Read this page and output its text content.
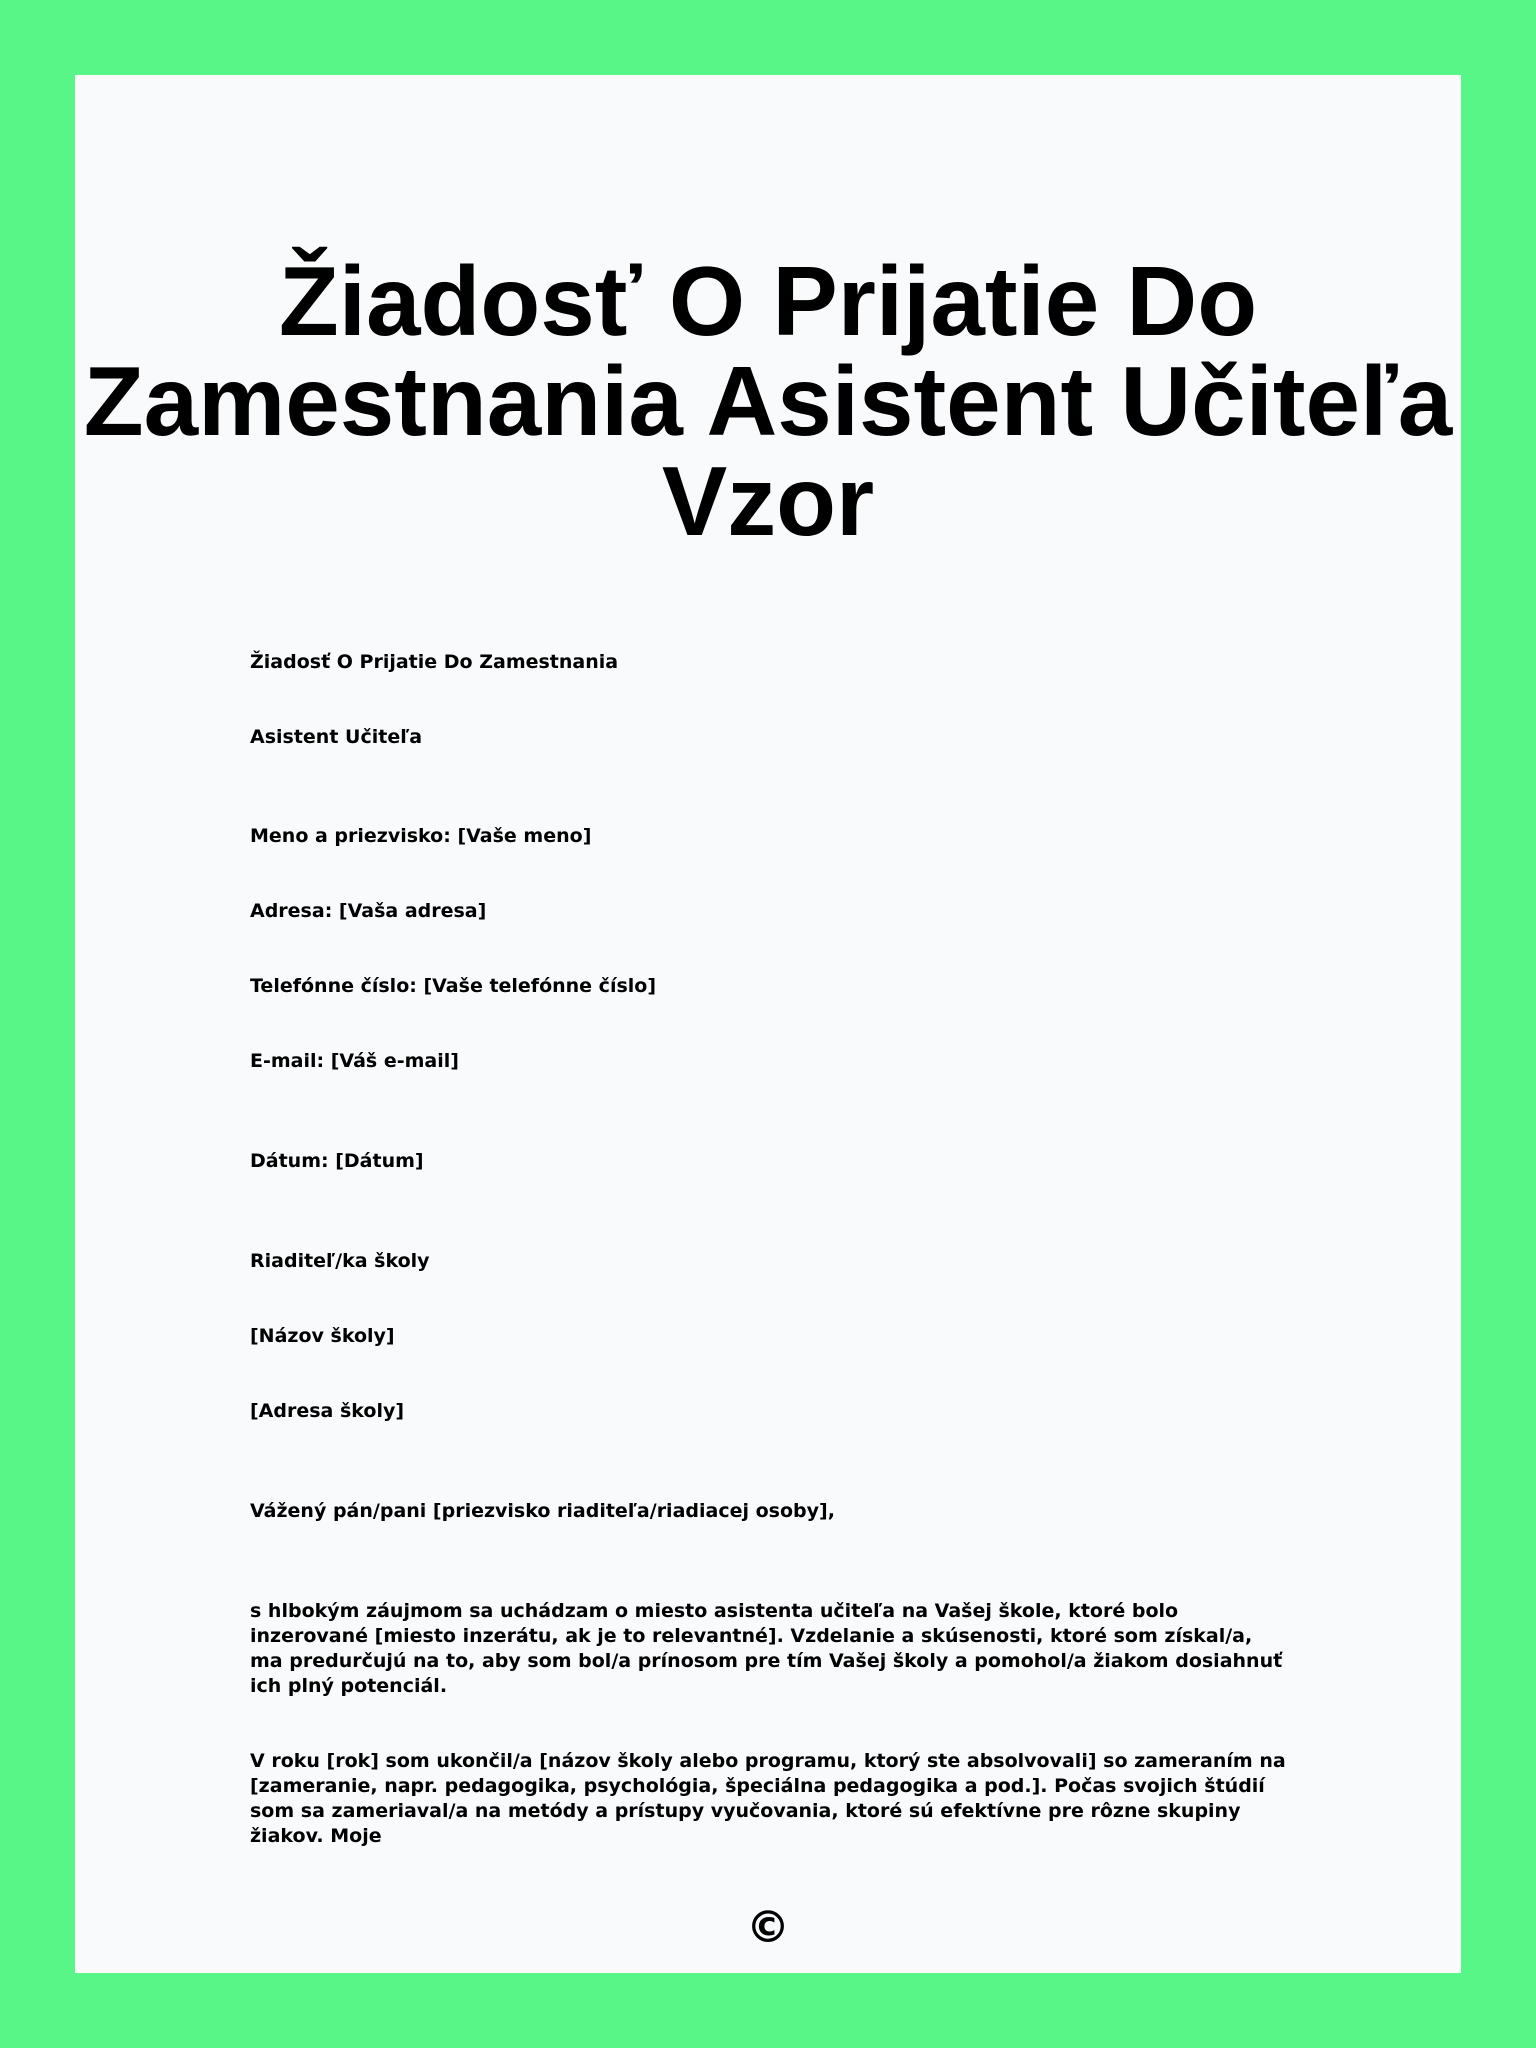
Žiadosť O Prijatie Do
Zamestnania Asistent Učiteľa
Vzor

Žiadosť O Prijatie Do Zamestnania

Asistent Učiteľa

Meno a priezvisko: [Vaše meno]

Adresa: [Vaša adresa]

Telefónne číslo: [Vaše telefónne číslo]

E-mail: [Váš e-mail]

Dátum: [Dátum]

Riaditeľ/ka školy

[Názov školy]

[Adresa školy]

Vážený pán/pani [priezvisko riaditeľa/riadiacej osoby],

s hlbokým záujmom sa uchádzam o miesto asistenta učiteľa na Vašej škole, ktoré bolo inzerované [miesto inzerátu, ak je to relevantné]. Vzdelanie a skúsenosti, ktoré som získal/a, ma predurčujú na to, aby som bol/a prínosom pre tím Vašej školy a pomohol/a žiakom dosiahnuť ich plný potenciál.

V roku [rok] som ukončil/a [názov školy alebo programu, ktorý ste absolvovali] so zameraním na [zameranie, napr. pedagogika, psychológia, špeciálna pedagogika a pod.]. Počas svojich štúdií som sa zameriaval/a na metódy a prístupy vyučovania, ktoré sú efektívne pre rôzne skupiny žiakov. Moje

©
